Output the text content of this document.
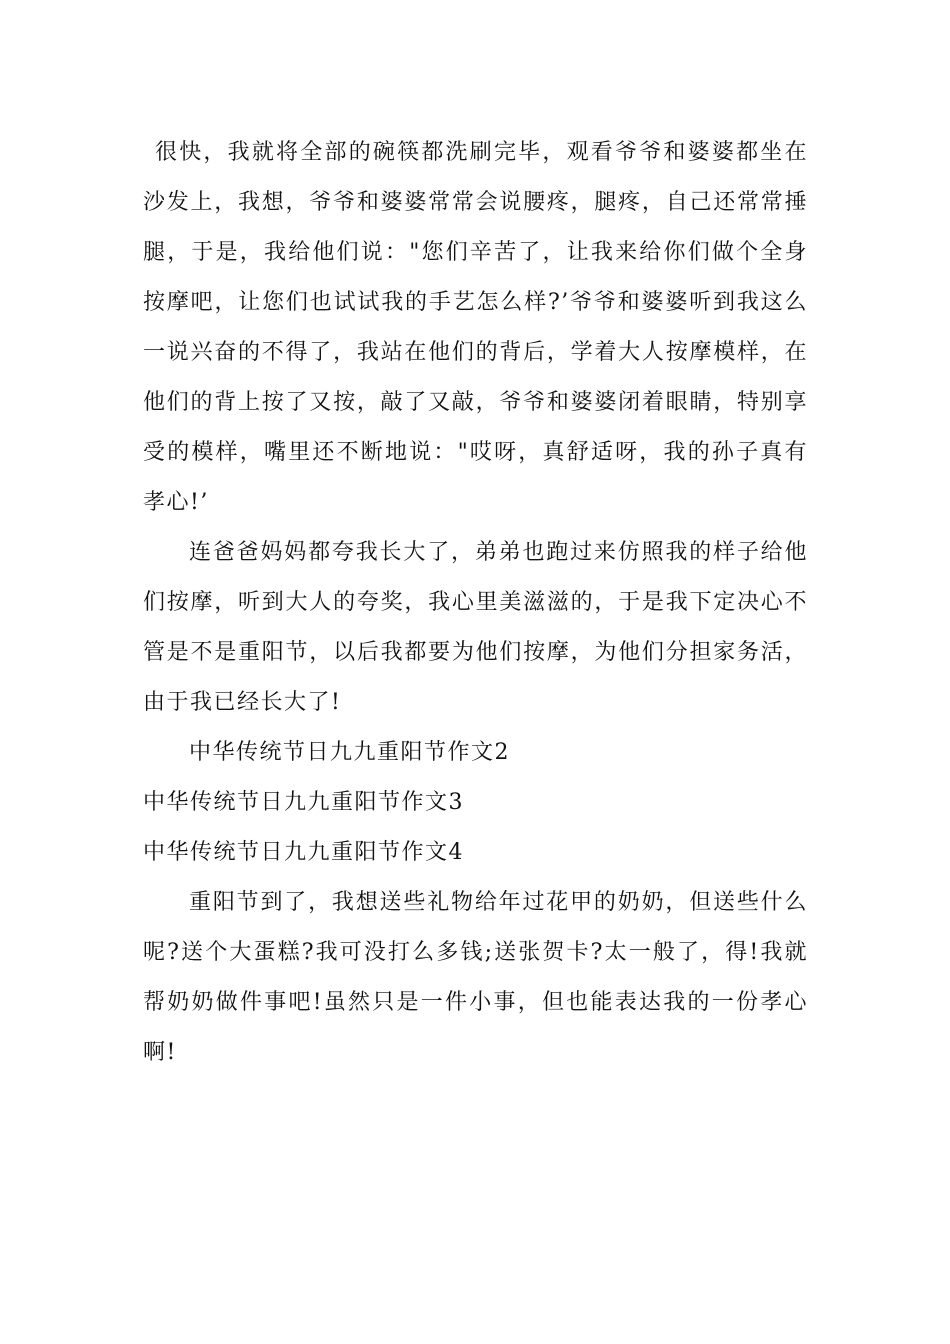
很快，我就将全部的碗筷都洗刷完毕，观看爷爷和婆婆都坐在沙发上，我想，爷爷和婆婆常常会说腰疼，腿疼，自己还常常捶腿，于是，我给他们说："您们辛苦了，让我来给你们做个全身按摩吧，让您们也试试我的手艺怎么样?’爷爷和婆婆听到我这么一说兴奋的不得了，我站在他们的背后，学着大人按摩模样，在他们的背上按了又按，敲了又敲，爷爷和婆婆闭着眼睛，特别享受的模样，嘴里还不断地说："哎呀，真舒适呀，我的孙子真有孝心!’

连爸爸妈妈都夸我长大了，弟弟也跑过来仿照我的样子给他们按摩，听到大人的夸奖，我心里美滋滋的，于是我下定决心不管是不是重阳节，以后我都要为他们按摩，为他们分担家务活，由于我已经长大了!

中华传统节日九九重阳节作文2

中华传统节日九九重阳节作文3

中华传统节日九九重阳节作文4

重阳节到了，我想送些礼物给年过花甲的奶奶，但送些什么呢?送个大蛋糕?我可没打么多钱;送张贺卡?太一般了，得!我就帮奶奶做件事吧!虽然只是一件小事，但也能表达我的一份孝心啊!
